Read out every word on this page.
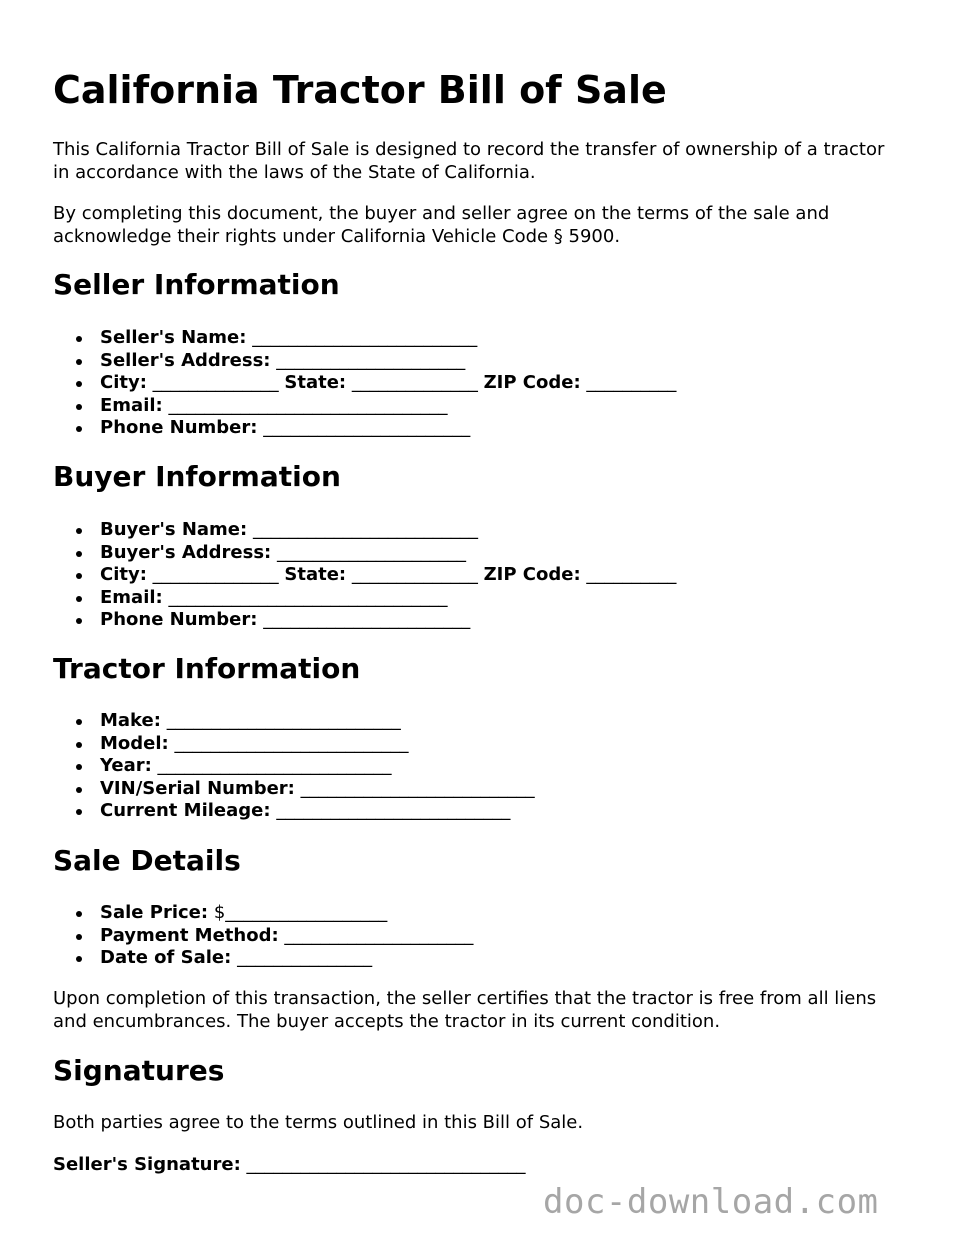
California Tractor Bill of Sale

This California Tractor Bill of Sale is designed to record the transfer of ownership of a tractor in accordance with the laws of the State of California.

By completing this document, the buyer and seller agree on the terms of the sale and acknowledge their rights under California Vehicle Code § 5900.

Seller Information
Seller's Name: _________________________
Seller's Address: _____________________
City: ______________ State: ______________ ZIP Code: __________
Email: _______________________________
Phone Number: _______________________
Buyer Information
Buyer's Name: _________________________
Buyer's Address: _____________________
City: ______________ State: ______________ ZIP Code: __________
Email: _______________________________
Phone Number: _______________________
Tractor Information
Make: __________________________
Model: __________________________
Year: __________________________
VIN/Serial Number: __________________________
Current Mileage: __________________________
Sale Details
Sale Price: $__________________
Payment Method: _____________________
Date of Sale: _______________

Upon completion of this transaction, the seller certifies that the tractor is free from all liens and encumbrances. The buyer accepts the tractor in its current condition.

Signatures

Both parties agree to the terms outlined in this Bill of Sale.

Seller's Signature: _______________________________
doc-download.com
